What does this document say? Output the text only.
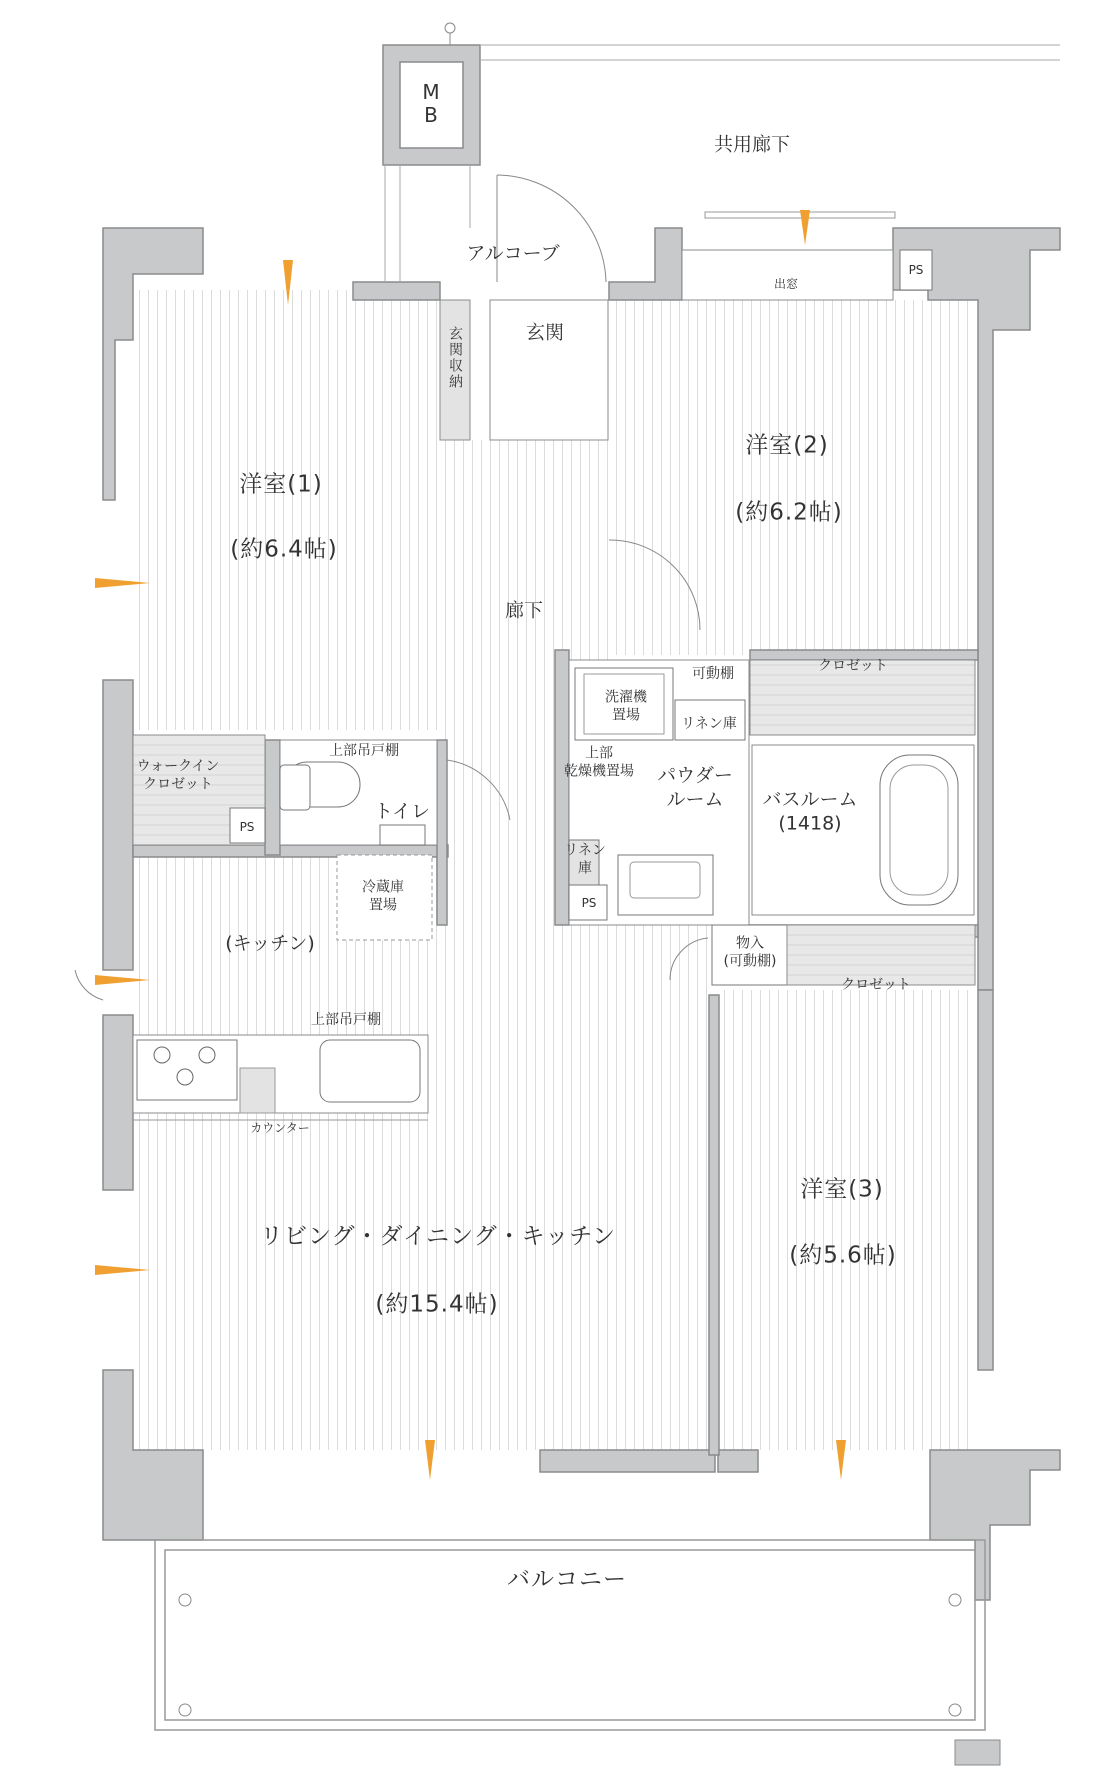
M
B
共用廊下
アルコーブ
玄関
玄関収納
出窓
PS
洋室(1)
(約6.4帖)
洋室(2)
(約6.2帖)
洋室(3)
(約5.6帖)
廊下
可動棚	クロゼット
洗濯機
置場
リネン庫
上部
乾燥機置場 パウダー
ルーム	バスルーム
(1418)
ウォークイン
クロゼット
PS
上部吊戸棚
トイレ
リネン
庫
PS
冷蔵庫
置場
(キッチン)	物入
(可動棚)
クロゼット
上部吊戸棚
カウンター
リビング・ダイニング・キッチン
(約15.4帖)
バルコニー
